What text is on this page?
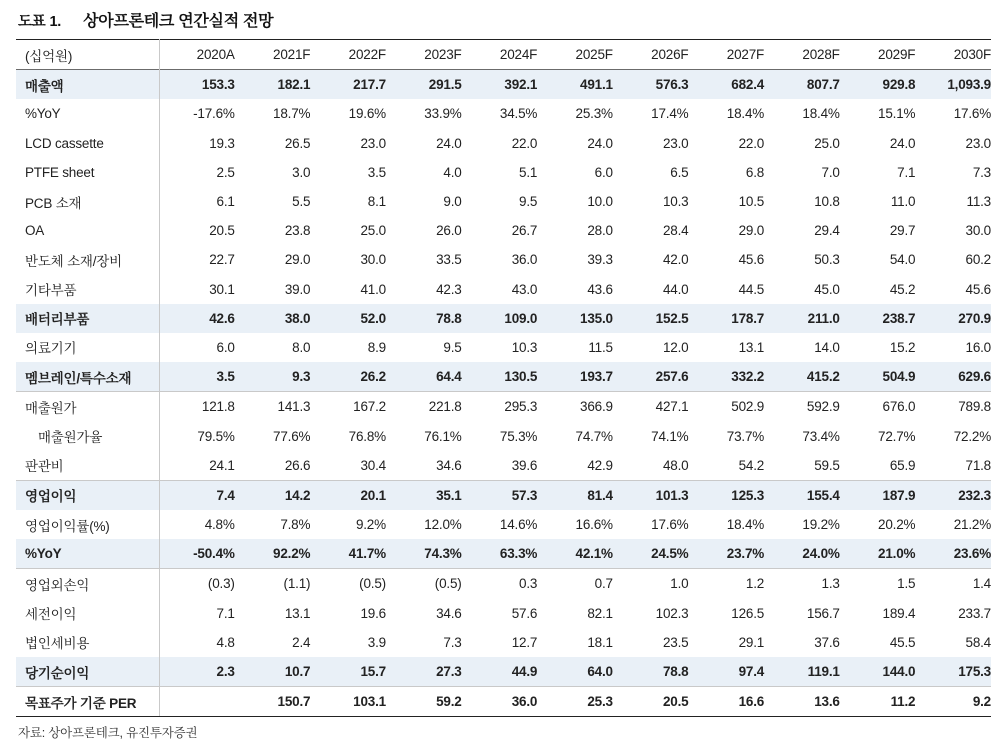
도표 1. 상아프론테크 연간실적 전망
(십억원)	2020A	2021F	2022F	2023F	2024F	2025F	2026F	2027F	2028F	2029F	2030F
매출액	153.3	182.1	217.7	291.5	392.1	491.1	576.3	682.4	807.7	929.8	1,093.9
%YoY	-17.6%	18.7%	19.6%	33.9%	34.5%	25.3%	17.4%	18.4%	18.4%	15.1%	17.6%
LCD cassette	19.3	26.5	23.0	24.0	22.0	24.0	23.0	22.0	25.0	24.0	23.0
PTFE sheet	2.5	3.0	3.5	4.0	5.1	6.0	6.5	6.8	7.0	7.1	7.3
PCB 소재	6.1	5.5	8.1	9.0	9.5	10.0	10.3	10.5	10.8	11.0	11.3
OA	20.5	23.8	25.0	26.0	26.7	28.0	28.4	29.0	29.4	29.7	30.0
반도체 소재/장비	22.7	29.0	30.0	33.5	36.0	39.3	42.0	45.6	50.3	54.0	60.2
기타부품	30.1	39.0	41.0	42.3	43.0	43.6	44.0	44.5	45.0	45.2	45.6
배터리부품	42.6	38.0	52.0	78.8	109.0	135.0	152.5	178.7	211.0	238.7	270.9
의료기기	6.0	8.0	8.9	9.5	10.3	11.5	12.0	13.1	14.0	15.2	16.0
멤브레인/특수소재	3.5	9.3	26.2	64.4	130.5	193.7	257.6	332.2	415.2	504.9	629.6
매출원가	121.8	141.3	167.2	221.8	295.3	366.9	427.1	502.9	592.9	676.0	789.8
매출원가율	79.5%	77.6%	76.8%	76.1%	75.3%	74.7%	74.1%	73.7%	73.4%	72.7%	72.2%
판관비	24.1	26.6	30.4	34.6	39.6	42.9	48.0	54.2	59.5	65.9	71.8
영업이익	7.4	14.2	20.1	35.1	57.3	81.4	101.3	125.3	155.4	187.9	232.3
영업이익률(%)	4.8%	7.8%	9.2%	12.0%	14.6%	16.6%	17.6%	18.4%	19.2%	20.2%	21.2%
%YoY	-50.4%	92.2%	41.7%	74.3%	63.3%	42.1%	24.5%	23.7%	24.0%	21.0%	23.6%
영업외손익	(0.3)	(1.1)	(0.5)	(0.5)	0.3	0.7	1.0	1.2	1.3	1.5	1.4
세전이익	7.1	13.1	19.6	34.6	57.6	82.1	102.3	126.5	156.7	189.4	233.7
법인세비용	4.8	2.4	3.9	7.3	12.7	18.1	23.5	29.1	37.6	45.5	58.4
당기순이익	2.3	10.7	15.7	27.3	44.9	64.0	78.8	97.4	119.1	144.0	175.3
목표주가 기준 PER		150.7	103.1	59.2	36.0	25.3	20.5	16.6	13.6	11.2	9.2
자료: 상아프론테크, 유진투자증권
